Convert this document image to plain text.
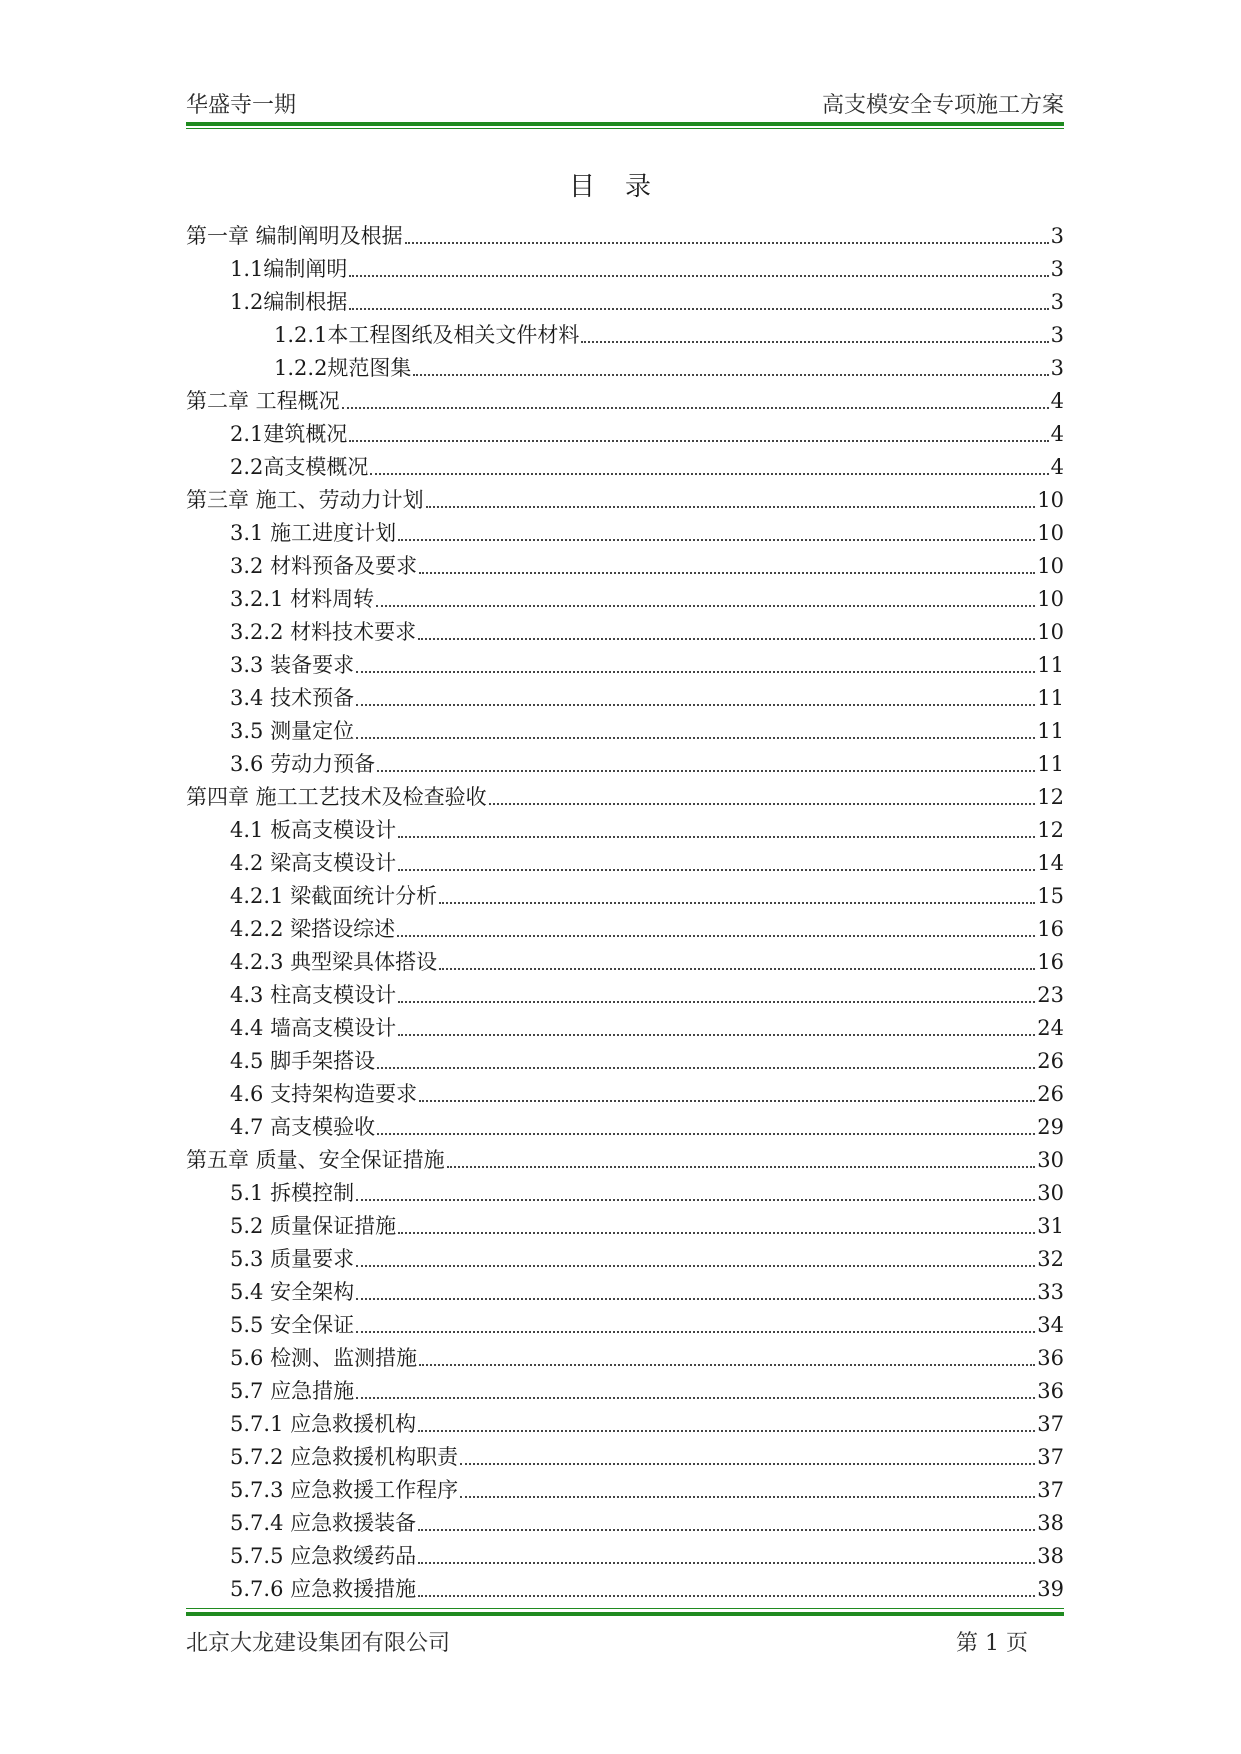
华盛寺一期	高支模安全专项施工方案
目录
第一章 编制阐明及根据	3
1.1编制阐明	3
1.2编制根据	3
1.2.1本工程图纸及相关文件材料	3
1.2.2规范图集	3
第二章 工程概况	4
2.1建筑概况	4
2.2高支模概况	4
第三章 施工、劳动力计划	10
3.1 施工进度计划	10
3.2 材料预备及要求	10
3.2.1 材料周转	10
3.2.2 材料技术要求	10
3.3 装备要求	11
3.4 技术预备	11
3.5 测量定位	11
3.6 劳动力预备	11
第四章 施工工艺技术及检查验收	12
4.1 板高支模设计	12
4.2 梁高支模设计	14
4.2.1 梁截面统计分析	15
4.2.2 梁搭设综述	16
4.2.3 典型梁具体搭设	16
4.3 柱高支模设计	23
4.4 墙高支模设计	24
4.5 脚手架搭设	26
4.6 支持架构造要求	26
4.7 高支模验收	29
第五章 质量、安全保证措施	30
5.1 拆模控制	30
5.2 质量保证措施	31
5.3 质量要求	32
5.4 安全架构	33
5.5 安全保证	34
5.6 检测、监测措施	36
5.7 应急措施	36
5.7.1 应急救援机构	37
5.7.2 应急救援机构职责	37
5.7.3 应急救援工作程序	37
5.7.4 应急救援装备	38
5.7.5 应急救缓药品	38
5.7.6 应急救援措施	39
北京大龙建设集团有限公司	第 1 页
